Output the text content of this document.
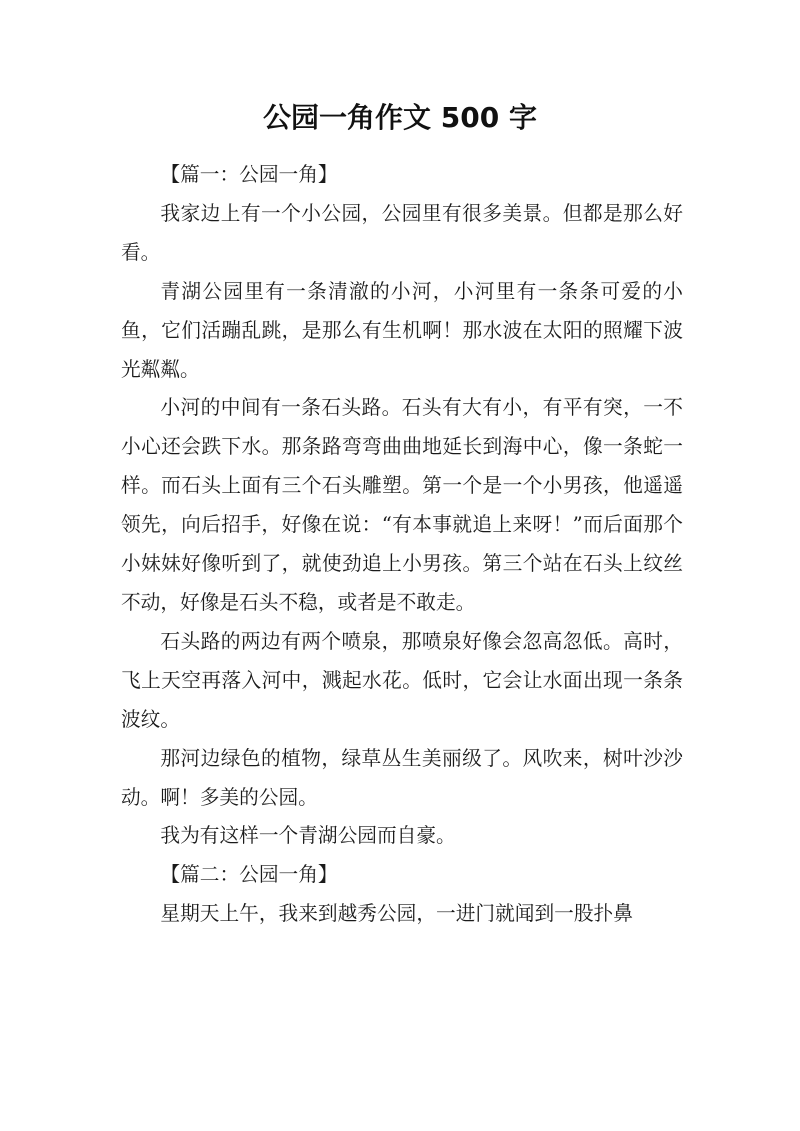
公园一角作文 500 字

【篇一：公园一角】

我家边上有一个小公园，公园里有很多美景。但都是那么好看。

青湖公园里有一条清澈的小河，小河里有一条条可爱的小鱼，它们活蹦乱跳，是那么有生机啊！那水波在太阳的照耀下波光粼粼。

小河的中间有一条石头路。石头有大有小，有平有突，一不小心还会跌下水。那条路弯弯曲曲地延长到海中心，像一条蛇一样。而石头上面有三个石头雕塑。第一个是一个小男孩，他遥遥领先，向后招手，好像在说：“有本事就追上来呀！”而后面那个小妹妹好像听到了，就使劲追上小男孩。第三个站在石头上纹丝不动，好像是石头不稳，或者是不敢走。

石头路的两边有两个喷泉，那喷泉好像会忽高忽低。高时，飞上天空再落入河中，溅起水花。低时，它会让水面出现一条条波纹。

那河边绿色的植物，绿草丛生美丽级了。风吹来，树叶沙沙动。啊！多美的公园。

我为有这样一个青湖公园而自豪。

【篇二：公园一角】

星期天上午，我来到越秀公园，一进门就闻到一股扑鼻
